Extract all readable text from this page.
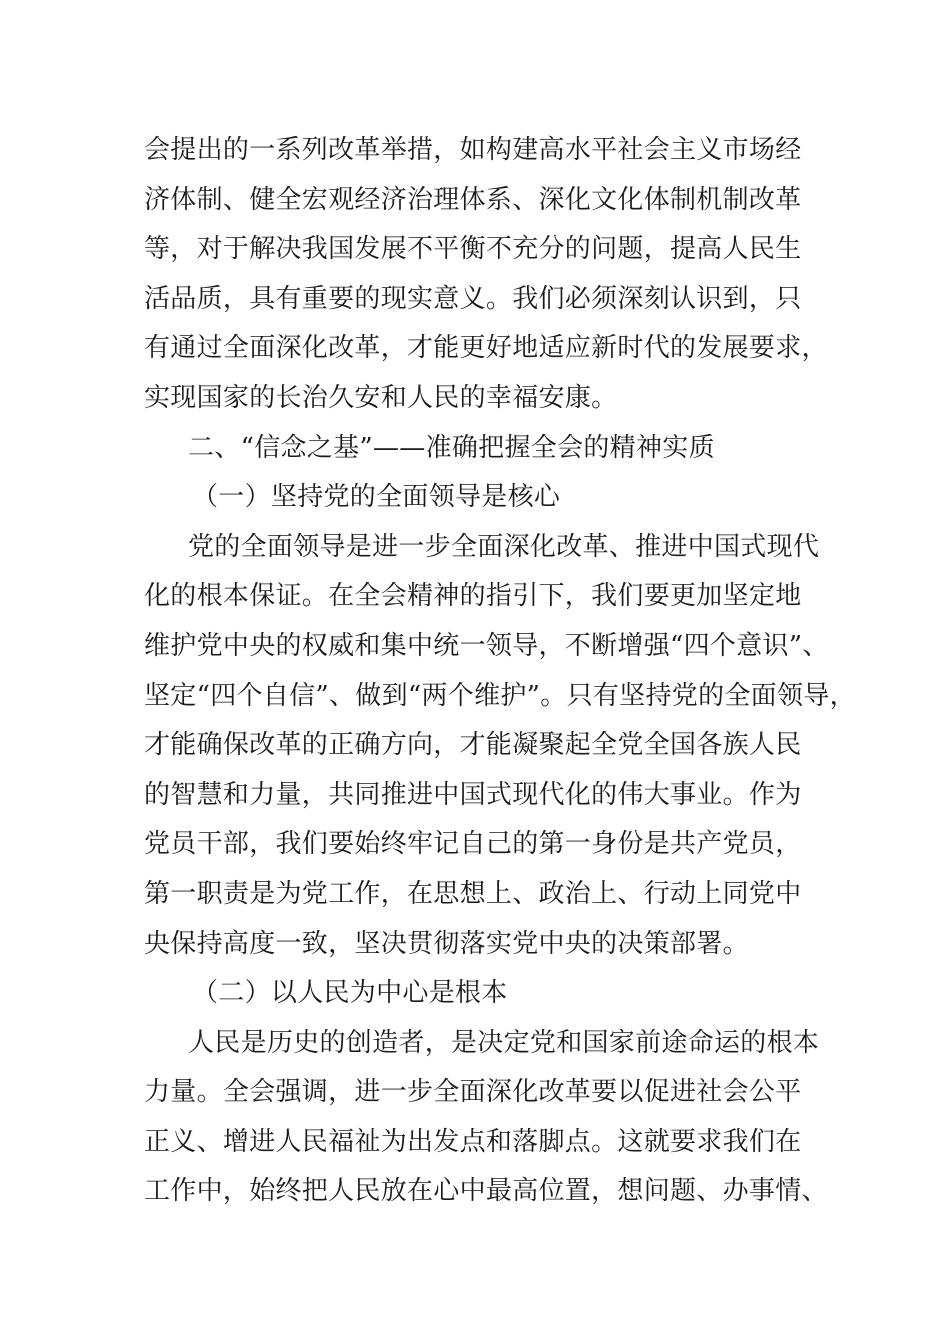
会提出的一系列改革举措，如构建高水平社会主义市场经
济体制、健全宏观经济治理体系、深化文化体制机制改革
等，对于解决我国发展不平衡不充分的问题，提高人民生
活品质，具有重要的现实意义。我们必须深刻认识到，只
有通过全面深化改革，才能更好地适应新时代的发展要求，
实现国家的长治久安和人民的幸福安康。
二、“信念之基”——准确把握全会的精神实质
（一）坚持党的全面领导是核心
党的全面领导是进一步全面深化改革、推进中国式现代
化的根本保证。在全会精神的指引下，我们要更加坚定地
维护党中央的权威和集中统一领导，不断增强“四个意识”、
坚定“四个自信”、做到“两个维护”。只有坚持党的全面领导，
才能确保改革的正确方向，才能凝聚起全党全国各族人民
的智慧和力量，共同推进中国式现代化的伟大事业。作为
党员干部，我们要始终牢记自己的第一身份是共产党员，
第一职责是为党工作，在思想上、政治上、行动上同党中
央保持高度一致，坚决贯彻落实党中央的决策部署。
（二）以人民为中心是根本
人民是历史的创造者，是决定党和国家前途命运的根本
力量。全会强调，进一步全面深化改革要以促进社会公平
正义、增进人民福祉为出发点和落脚点。这就要求我们在
工作中，始终把人民放在心中最高位置，想问题、办事情、
